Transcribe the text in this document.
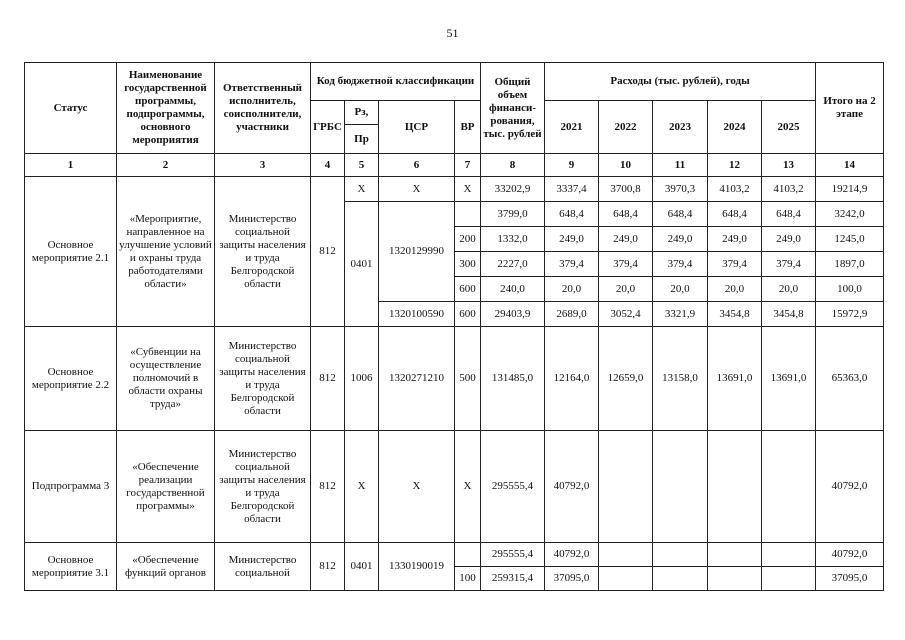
51
Статус	Наименование государственной программы, подпрограммы, основного мероприятия	Ответственный исполнитель, соисполнители, участники	Код бюджетной классификации				Общий объем финанси-рования, тыс. рублей	Расходы (тыс. рублей), годы					Итого на 2 этапе
			ГРБС	Рз,	ЦСР	ВР		2021	2022	2023	2024	2025	
				Пр									
1	2	3	4	5	6	7	8	9	10	11	12	13	14
Основное мероприятие 2.1	«Мероприятие, направленное на улучшение условий и охраны труда работодателями области»	Министерство социальной защиты населения и труда Белгородской области	812	Х	Х	Х	33202,9	3337,4	3700,8	3970,3	4103,2	4103,2	19214,9
				0401	1320129990		3799,0	648,4	648,4	648,4	648,4	648,4	3242,0
						200	1332,0	249,0	249,0	249,0	249,0	249,0	1245,0
						300	2227,0	379,4	379,4	379,4	379,4	379,4	1897,0
						600	240,0	20,0	20,0	20,0	20,0	20,0	100,0
					1320100590	600	29403,9	2689,0	3052,4	3321,9	3454,8	3454,8	15972,9
Основное мероприятие 2.2	«Субвенции на осуществление полномочий в области охраны труда»	Министерство социальной защиты населения и труда Белгородской области	812	1006	1320271210	500	131485,0	12164,0	12659,0	13158,0	13691,0	13691,0	65363,0
Подпрограмма 3	«Обеспечение реализации государственной программы»	Министерство социальной защиты населения и труда Белгородской области	812	Х	Х	Х	295555,4	40792,0					40792,0
Основное мероприятие 3.1	«Обеспечение функций органов	Министерство социальной	812	0401	1330190019		295555,4	40792,0					40792,0
						100	259315,4	37095,0					37095,0
